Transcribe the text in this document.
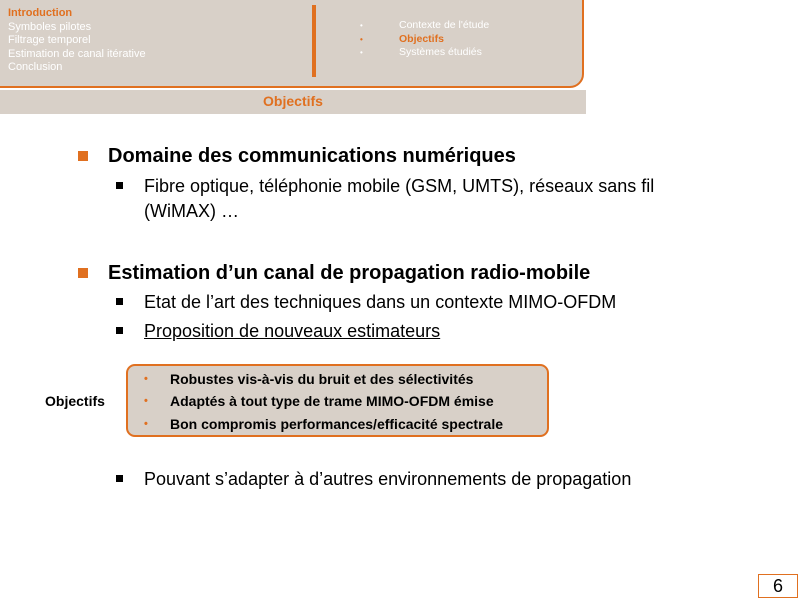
Introduction
Symboles pilotes
Filtrage temporel
Estimation de canal itérative
Conclusion
•	Contexte de l'étude
•	Objectifs
•	Systèmes étudiés
Objectifs
Domaine des communications numériques
Fibre optique, téléphonie mobile (GSM, UMTS), réseaux sans fil (WiMAX) …
Estimation d’un canal de propagation radio-mobile
Etat de l’art des techniques dans un contexte MIMO-OFDM
Proposition de nouveaux estimateurs
Objectifs
•	Robustes vis-à-vis du bruit et des sélectivités
•	Adaptés à tout type de trame MIMO-OFDM émise
•	Bon compromis performances/efficacité spectrale
Pouvant s’adapter à d’autres environnements de propagation
6
